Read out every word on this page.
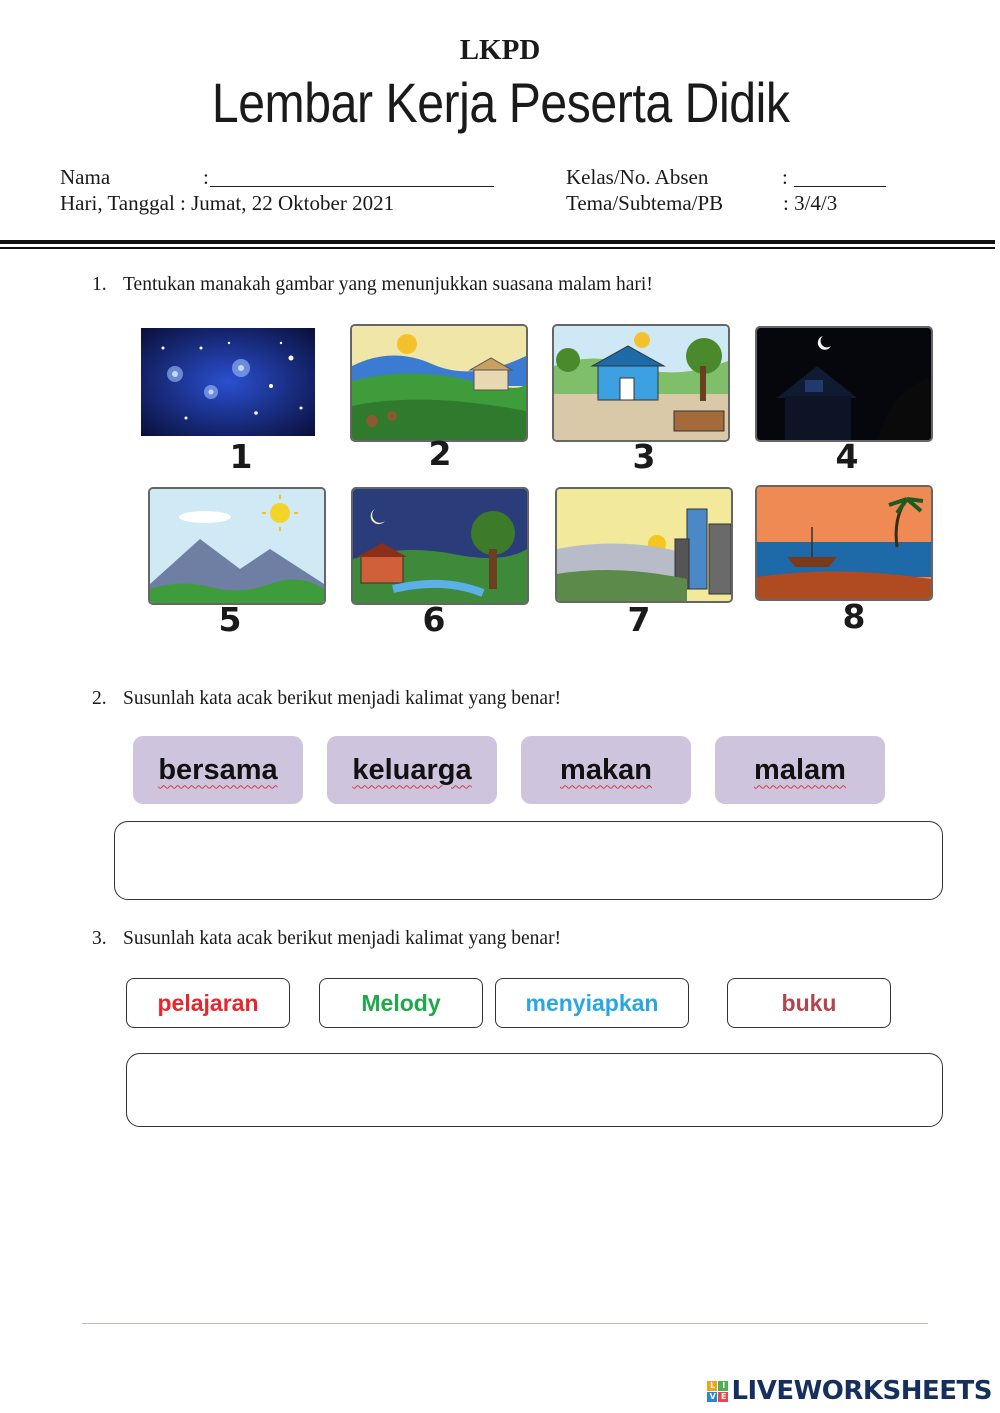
LKPD
Lembar Kerja Peserta Didik
Nama	:
Hari, Tanggal : Jumat, 22 Oktober 2021
Kelas/No. Absen	:
Tema/Subtema/PB	: 3/4/3
1. Tentukan manakah gambar yang menunjukkan suasana malam hari!
1	2	3	4
5	6	7	8
2. Susunlah kata acak berikut menjadi kalimat yang benar!
bersama	keluarga	makan	malam
3. Susunlah kata acak berikut menjadi kalimat yang benar!
pelajaran	Melody	menyiapkan	buku
L I
V E LIVEWORKSHEETS
